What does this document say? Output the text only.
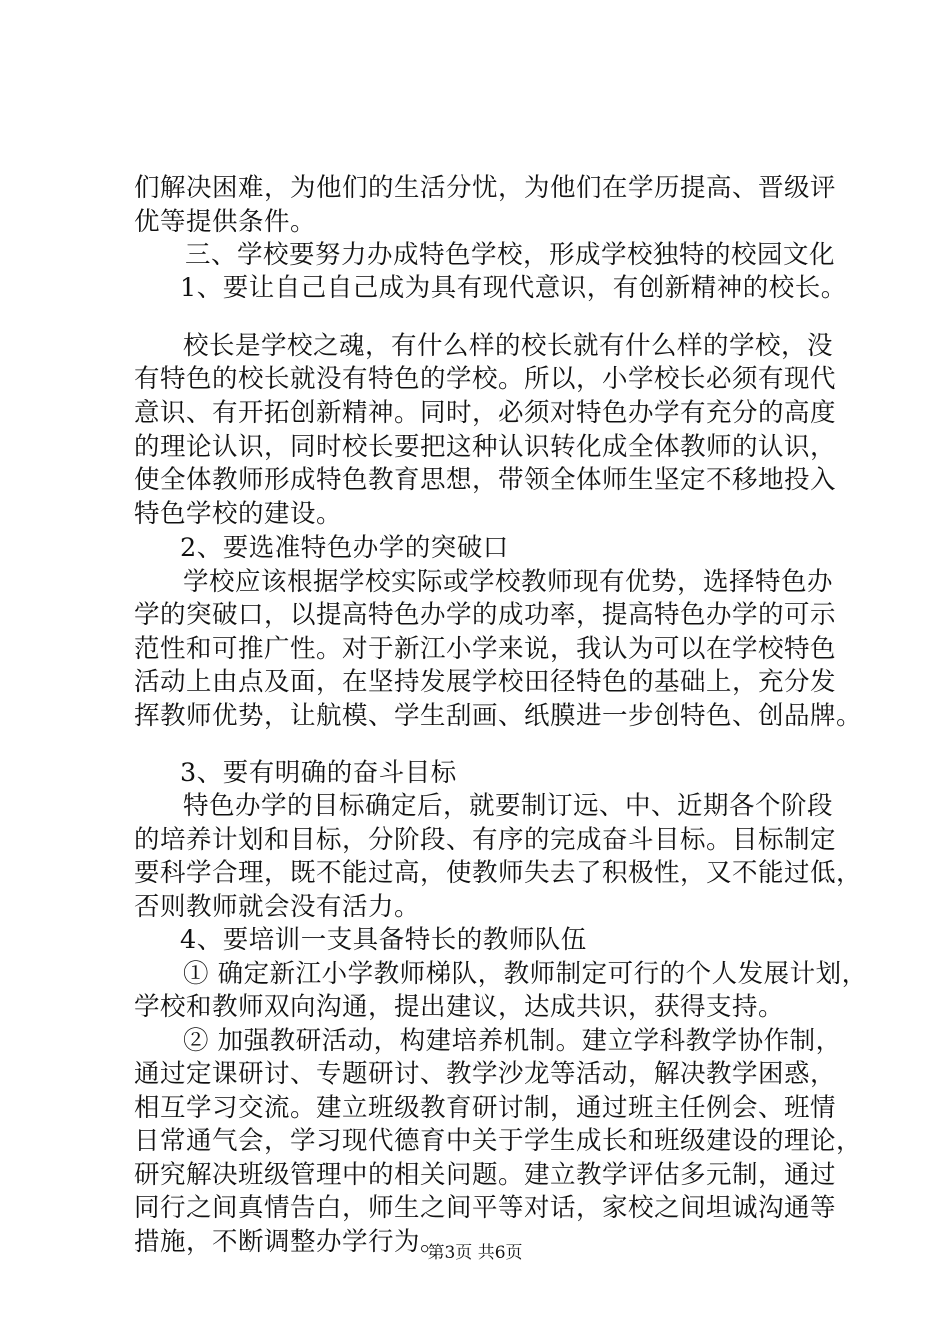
们解决困难，为他们的生活分忧，为他们在学历提高、晋级评
优等提供条件。
三、学校要努力办成特色学校，形成学校独特的校园文化
1、要让自己自己成为具有现代意识，有创新精神的校长。
校长是学校之魂，有什么样的校长就有什么样的学校，没
有特色的校长就没有特色的学校。所以，小学校长必须有现代
意识、有开拓创新精神。同时，必须对特色办学有充分的高度
的理论认识，同时校长要把这种认识转化成全体教师的认识，
使全体教师形成特色教育思想，带领全体师生坚定不移地投入
特色学校的建设。
2、要选准特色办学的突破口
学校应该根据学校实际或学校教师现有优势，选择特色办
学的突破口，以提高特色办学的成功率，提高特色办学的可示
范性和可推广性。对于新江小学来说，我认为可以在学校特色
活动上由点及面，在坚持发展学校田径特色的基础上，充分发
挥教师优势，让航模、学生刮画、纸膜进一步创特色、创品牌。
3、要有明确的奋斗目标
特色办学的目标确定后，就要制订远、中、近期各个阶段
的培养计划和目标，分阶段、有序的完成奋斗目标。目标制定
要科学合理，既不能过高，使教师失去了积极性，又不能过低，
否则教师就会没有活力。
4、要培训一支具备特长的教师队伍
① 确定新江小学教师梯队，教师制定可行的个人发展计划，
学校和教师双向沟通，提出建议，达成共识，获得支持。
② 加强教研活动，构建培养机制。建立学科教学协作制，
通过定课研讨、专题研讨、教学沙龙等活动，解决教学困惑，
相互学习交流。建立班级教育研讨制，通过班主任例会、班情
日常通气会，学习现代德育中关于学生成长和班级建设的理论，
研究解决班级管理中的相关问题。建立教学评估多元制，通过
同行之间真情告白，师生之间平等对话，家校之间坦诚沟通等
措施，不断调整办学行为。
第3页 共6页
